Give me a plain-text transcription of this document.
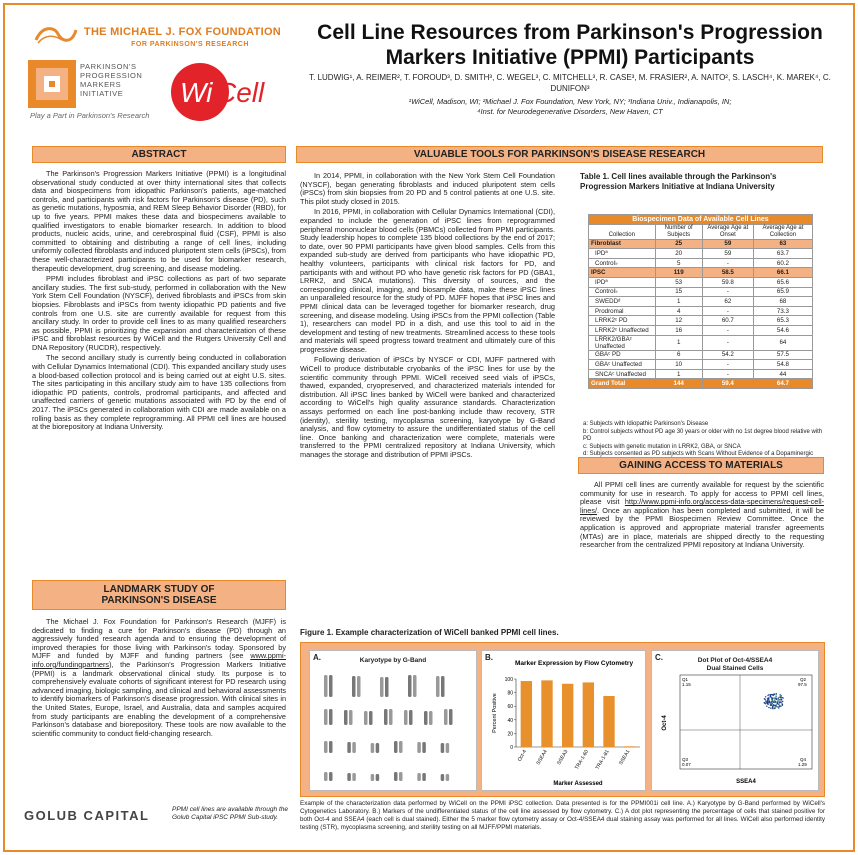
THE MICHAEL J. FOX FOUNDATION
FOR PARKINSON'S RESEARCH
PARKINSON'S
PROGRESSION
MARKERS
INITIATIVE
Play a Part in Parkinson's Research
Wi Cell
Cell Line Resources from Parkinson's Progression Markers Initiative (PPMI) Participants
T. LUDWIG¹, A. REIMER², T. FOROUD³, D. SMITH³, C. WEGEL³, C. MITCHELL³, R. CASE³, M. FRASIER², A. NAITO², S. LASCH⁴, K. MAREK⁴, C. DUNIFON³
¹WiCell, Madison, WI; ²Michael J. Fox Foundation, New York, NY; ³Indiana Univ., Indianapolis, IN;
⁴Inst. for Neurodegenerative Disorders, New Haven, CT
ABSTRACT

The Parkinson's Progression Markers Initiative (PPMI) is a longitudinal observational study conducted at over thirty international sites that collects data and biospecimens from idiopathic Parkinson's patients, age-matched controls, and participants with risk factors for Parkinson's disease (PD), such as genetic mutations, hyposmia, and REM Sleep Behavior Disorder (RBD), for up to five years. PPMI makes these data and biospecimens available to qualified investigators to enable biomarker research. In addition to blood products, nucleic acids, urine, and cerebrospinal fluid (CSF), PPMI is also committed to obtaining and distributing a range of cell lines, including uniformly collected fibroblasts and induced pluripotent stem cells (iPSCs), from these well-characterized participants to be used for biomarker research, therapeutic development, drug screening, and disease modeling.

PPMI includes fibroblast and iPSC collections as part of two separate ancillary studies. The first sub-study, performed in collaboration with the New York Stem Cell Foundation (NYSCF), derived fibroblasts and iPSCs from skin biopsies. Fibroblasts and iPSCs from twenty idiopathic PD patients and five controls from one U.S. site are currently available for request from this ancillary study. In order to provide cell lines to as many qualified researchers as possible, PPMI is prioritizing the expansion and characterization of these iPSC and fibroblast resources by WiCell and the Rutgers University Cell and DNA Repository (RUCDR), respectively.

The second ancillary study is currently being conducted in collaboration with Cellular Dynamics International (CDI). This expanded ancillary study uses a blood-based collection protocol and is being carried out at eight U.S. sites. The sites participating in this ancillary study aim to have 135 collections from idiopathic PD patients, controls, prodromal participants, and affected and unaffected carriers of genetic mutations associated with PD by the end of 2017. The iPSCs generated in collaboration with CDI are made available on a rolling basis as they complete reprogramming. All PPMI cell lines are housed at the biorepository at Indiana University.

LANDMARK STUDY OF
PARKINSON'S DISEASE

The Michael J. Fox Foundation for Parkinson's Research (MJFF) is dedicated to finding a cure for Parkinson's disease (PD) through an aggressively funded research agenda and to ensuring the development of improved therapies for those living with Parkinson's today. Sponsored by MJFF and funded by MJFF and funding partners (see www.ppmi-info.org/fundingpartners), the Parkinson's Progression Markers Initiative (PPMI) is a landmark observational clinical study. Its purpose is to comprehensively evaluate cohorts of significant interest for PD research using advanced imaging, biologic sampling, and clinical and behavioral assessments to identify biomarkers of Parkinson's disease progression. With clinical sites in the United States, Europe, Israel, and Australia, data and samples acquired from study participants are enabling the development of a comprehensive Parkinson's database and biorepository. These tools are now available to the scientific community to conduct field-changing research.

GOLUB CAPITAL	PPMI cell lines are available through the Golub Capital iPSC PPMI Sub-study.
VALUABLE TOOLS FOR PARKINSON'S DISEASE RESEARCH

In 2014, PPMI, in collaboration with the New York Stem Cell Foundation (NYSCF), began generating fibroblasts and induced pluripotent stem cells (iPSCs) from skin biopsies from 20 PD and 5 control patients at one U.S. site. This pilot study closed in 2015.

In 2016, PPMI, in collaboration with Cellular Dynamics International (CDI), expanded to include the generation of iPSC lines from reprogrammed peripheral mononuclear blood cells (PBMCs) collected from PPMI participants. Study leadership hopes to complete 135 blood collections by the end of 2017; to date, over 90 PPMI participants have given blood samples. Cells from this expanded sub-study are derived from participants who have idiopathic PD, healthy volunteers, participants with clinical risk factors for PD, and participants with and without PD who have genetic risk factors for PD (GBA1, LRRK2, and SNCA mutations). This diversity of sources, and the corresponding clinical, imaging, and biosample data, make these iPSC lines an unparalleled resource for the study of PD. MJFF hopes that iPSC lines and PPMI clinical data can be leveraged together for biomarker research, drug screening, and disease modeling. Using iPSCs from the PPMI collection (Table 1), researchers can model PD in a dish, and use this tool to aid in the development and testing of new treatments. Streamlined access to these tools and materials will speed progress toward treatment and ultimately cure of this progressive disease.

Following derivation of iPSCs by NYSCF or CDI, MJFF partnered with WiCell to produce distributable cryobanks of the iPSC lines for use by the scientific community through PPMI. WiCell received seed vials of iPSCs, thawed, expanded, cryopreserved, and characterized materials intended for distribution. All iPSC lines banked by WiCell were banked and characterized according to WiCell's high quality assurance standards. Characterization assays performed on each line post-banking include thaw recovery, STR (identity), sterility testing, mycoplasma screening, karyotype by G-Band analysis, and flow cytometry to assure the undifferentiated status of the cell line. Once banking and characterization were complete, materials were transferred to the PPMI centralized repository at Indiana University, which manages the storage and distribution of PPMI iPSCs.

Table 1. Cell lines available through the Parkinson's Progression Markers Initiative at Indiana University
Biospecimen Data of Available Cell Lines			
Collection	Number of Subjects	Average Age at Onset	Average Age at Collection
Fibroblast	25	59	63
IPDª	20	59	63.7
Control♭	5	-	60.2
IPSC	119	58.5	66.1
IPDª	53	59.8	65.6
Control♭	15	-	65.9
SWEDDᵈ	1	62	68
Prodromal	4	-	73.3
LRRK2ᶜ PD	12	60.7	65.3
LRRK2ᶜ Unaffected	16	-	54.6
LRRK2/GBAᶜ Unaffected	1	-	64
GBAᶜ PD	6	54.2	57.5
GBAᶜ Unaffected	10	-	54.8
SNCAᶜ Unaffected	1	-	44
Grand Total	144	59.4	64.7
a: Subjects with Idiopathic Parkinson's Disease
b: Control subjects without PD age 30 years or older with no 1st degree blood relative with PD
c: Subjects with genetic mutation in LRRK2, GBA, or SNCA
d: Subjects consented as PD subjects with Scans Without Evidence of a Dopaminergic
GAINING ACCESS TO MATERIALS

All PPMI cell lines are currently available for request by the scientific community for use in research. To apply for access to PPMI cell lines, please visit http://www.ppmi-info.org/access-data-specimens/request-cell-lines/. Once an application has been completed and submitted, it will be reviewed by the PPMI Biospecimen Review Committee. Once the application is approved and appropriate material transfer agreements (MTAs) are in place, materials are shipped directly to the requesting researcher from the centralized PPMI repository at Indiana University.

Figure 1. Example characterization of WiCell banked PPMI cell lines.
A.	Karyotype by G-Band	B.
Marker Expression by Flow Cytometry
0
20
40
60
80
100
Oct-4 SSEA4 SSEA3 TRA-1-60 TRA-1-81 SSEA1
Percent Positive
Marker Assessed
C.	Dot Plot of Oct-4/SSEA4
Dual Stained Cells
Q1
1.15
Q2
97.5
Q3
0.07
Q4
1.29
SSEA4
Oct-4
Example of the characterization data performed by WiCell on the PPMI iPSC collection. Data presented is for the PPMI001i cell line. A.) Karyotype by G-Band performed by WiCell's Cytogenetics Laboratory. B.) Markers of the undifferentiated status of the cell line assessed by flow cytometry. C.) A dot plot representing the percentage of cells that stained positive for both Oct-4 and SSEA4 (each cell is dual stained). Either the 5 marker flow cytometry assay or Oct-4/SSEA4 dual staining assay was performed for all lines. WiCell also performed identity testing (STR), mycoplasma screening, and sterility testing on all MJFF/PPMI materials.
